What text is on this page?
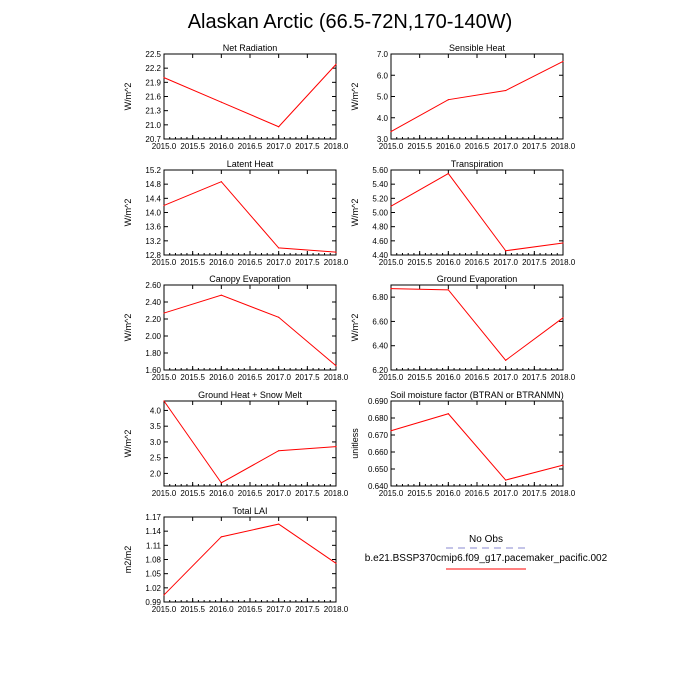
Alaskan Arctic (66.5-72N,170-140W)
Net Radiation
W/m^2
2015.0 2015.5 2016.0 2016.5 2017.0 2017.5 2018.0
20.7
21.0
21.3
21.6
21.9
22.2
22.5
Sensible Heat
W/m^2
2015.0 2015.5 2016.0 2016.5 2017.0 2017.5 2018.0
3.0
4.0
5.0
6.0
7.0
Latent Heat
W/m^2
2015.0 2015.5 2016.0 2016.5 2017.0 2017.5 2018.0
12.8
13.2
13.6
14.0
14.4
14.8
15.2
Transpiration
W/m^2
2015.0 2015.5 2016.0 2016.5 2017.0 2017.5 2018.0
4.40
4.60
4.80
5.00
5.20
5.40
5.60
Canopy Evaporation
W/m^2
2015.0 2015.5 2016.0 2016.5 2017.0 2017.5 2018.0
1.60
1.80
2.00
2.20
2.40
2.60
Ground Evaporation
W/m^2
2015.0 2015.5 2016.0 2016.5 2017.0 2017.5 2018.0
6.20
6.40
6.60
6.80
Ground Heat + Snow Melt
W/m^2
2015.0 2015.5 2016.0 2016.5 2017.0 2017.5 2018.0
2.0
2.5
3.0
3.5
4.0
Soil moisture factor (BTRAN or BTRANMN)
unitless
2015.0 2015.5 2016.0 2016.5 2017.0 2017.5 2018.0
0.640
0.650
0.660
0.670
0.680
0.690
Total LAI
m2/m2
2015.0 2015.5 2016.0 2016.5 2017.0 2017.5 2018.0
0.99
1.02
1.05
1.08
1.11
1.14
1.17
No Obs
b.e21.BSSP370cmip6.f09_g17.pacemaker_pacific.002
